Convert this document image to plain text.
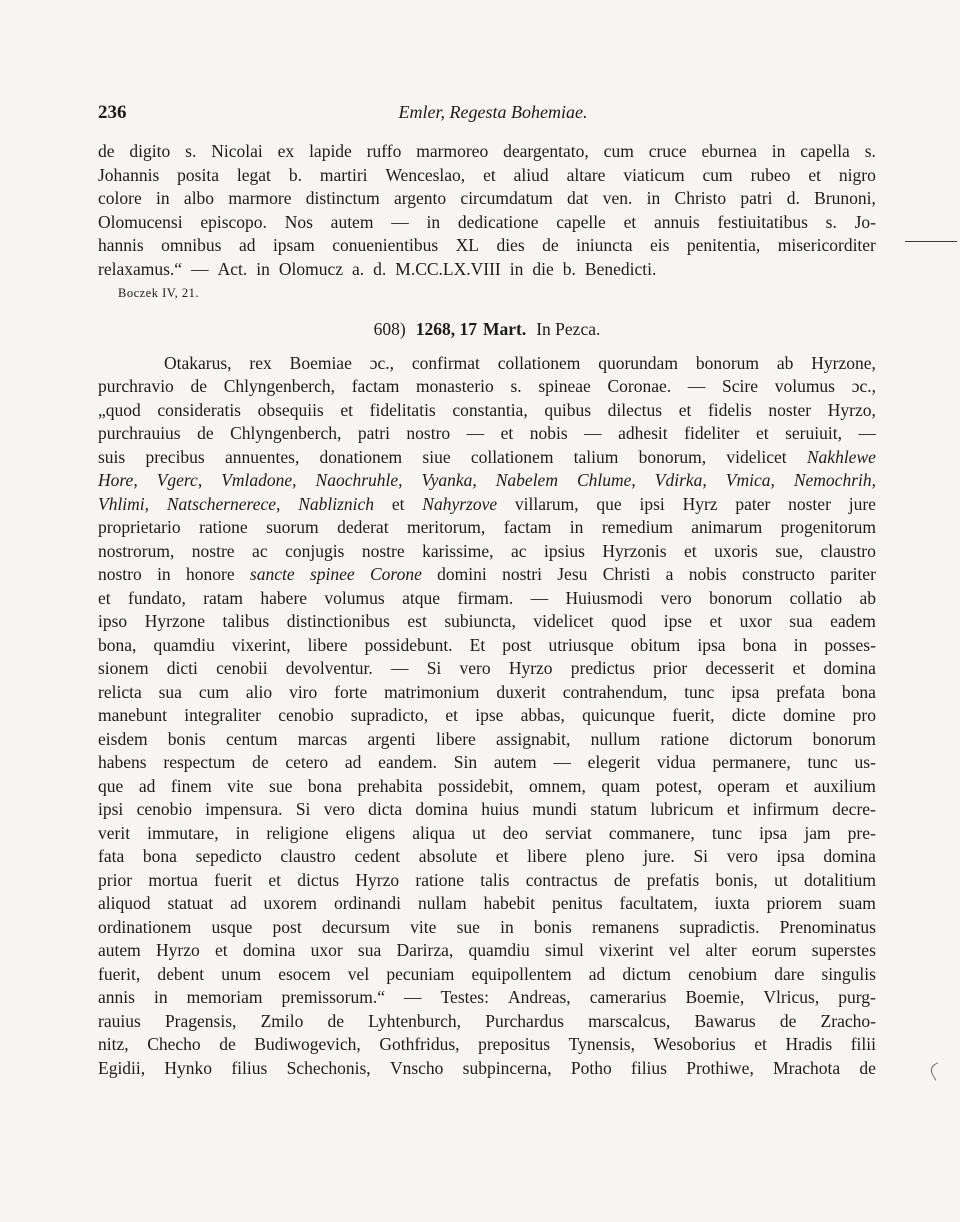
236	Emler, Regesta Bohemiae.
de digito s. Nicolai ex lapide ruffo marmoreo deargentato, cum cruce eburnea in capella s.
Johannis posita legat b. martiri Wenceslao, et aliud altare viaticum cum rubeo et nigro
colore in albo marmore distinctum argento circumdatum dat ven. in Christo patri d. Brunoni,
Olomucensi episcopo. Nos autem — in dedicatione capelle et annuis festiuitatibus s. Jo-
hannis omnibus ad ipsam conuenientibus XL dies de iniuncta eis penitentia, misericorditer
relaxamus.“ — Act. in Olomucz a. d. M.CC.LX.VIII in die b. Benedicti.
Boczek IV, 21.
608) 1268, 17 Mart. In Pezca.
Otakarus, rex Boemiae ɔc., confirmat collationem quorundam bonorum ab Hyrzone,
purchravio de Chlyngenberch, factam monasterio s. spineae Coronae. — Scire volumus ɔc.,
„quod consideratis obsequiis et fidelitatis constantia, quibus dilectus et fidelis noster Hyrzo,
purchrauius de Chlyngenberch, patri nostro — et nobis — adhesit fideliter et seruiuit, —
suis precibus annuentes, donationem siue collationem talium bonorum, videlicet Nakhlewe
Hore, Vgerc, Vmladone, Naochruhle, Vyanka, Nabelem Chlume, Vdirka, Vmica, Nemochrih,
Vhlimi, Natschernerece, Nabliznich et Nahyrzove villarum, que ipsi Hyrz pater noster jure
proprietario ratione suorum dederat meritorum, factam in remedium animarum progenitorum
nostrorum, nostre ac conjugis nostre karissime, ac ipsius Hyrzonis et uxoris sue, claustro
nostro in honore sancte spinee Corone domini nostri Jesu Christi a nobis constructo pariter
et fundato, ratam habere volumus atque firmam. — Huiusmodi vero bonorum collatio ab
ipso Hyrzone talibus distinctionibus est subiuncta, videlicet quod ipse et uxor sua eadem
bona, quamdiu vixerint, libere possidebunt. Et post utriusque obitum ipsa bona in posses-
sionem dicti cenobii devolventur. — Si vero Hyrzo predictus prior decesserit et domina
relicta sua cum alio viro forte matrimonium duxerit contrahendum, tunc ipsa prefata bona
manebunt integraliter cenobio supradicto, et ipse abbas, quicunque fuerit, dicte domine pro
eisdem bonis centum marcas argenti libere assignabit, nullum ratione dictorum bonorum
habens respectum de cetero ad eandem. Sin autem — elegerit vidua permanere, tunc us-
que ad finem vite sue bona prehabita possidebit, omnem, quam potest, operam et auxilium
ipsi cenobio impensura. Si vero dicta domina huius mundi statum lubricum et infirmum decre-
verit immutare, in religione eligens aliqua ut deo serviat commanere, tunc ipsa jam pre-
fata bona sepedicto claustro cedent absolute et libere pleno jure. Si vero ipsa domina
prior mortua fuerit et dictus Hyrzo ratione talis contractus de prefatis bonis, ut dotalitium
aliquod statuat ad uxorem ordinandi nullam habebit penitus facultatem, iuxta priorem suam
ordinationem usque post decursum vite sue in bonis remanens supradictis. Prenominatus
autem Hyrzo et domina uxor sua Darirza, quamdiu simul vixerint vel alter eorum superstes
fuerit, debent unum esocem vel pecuniam equipollentem ad dictum cenobium dare singulis
annis in memoriam premissorum.“ — Testes: Andreas, camerarius Boemie, Vlricus, purg-
rauius Pragensis, Zmilo de Lyhtenburch, Purchardus marscalcus, Bawarus de Zracho-
nitz, Checho de Budiwogevich, Gothfridus, prepositus Tynensis, Wesoborius et Hradis filii
Egidii, Hynko filius Schechonis, Vnscho subpincerna, Potho filius Prothiwe, Mrachota de
